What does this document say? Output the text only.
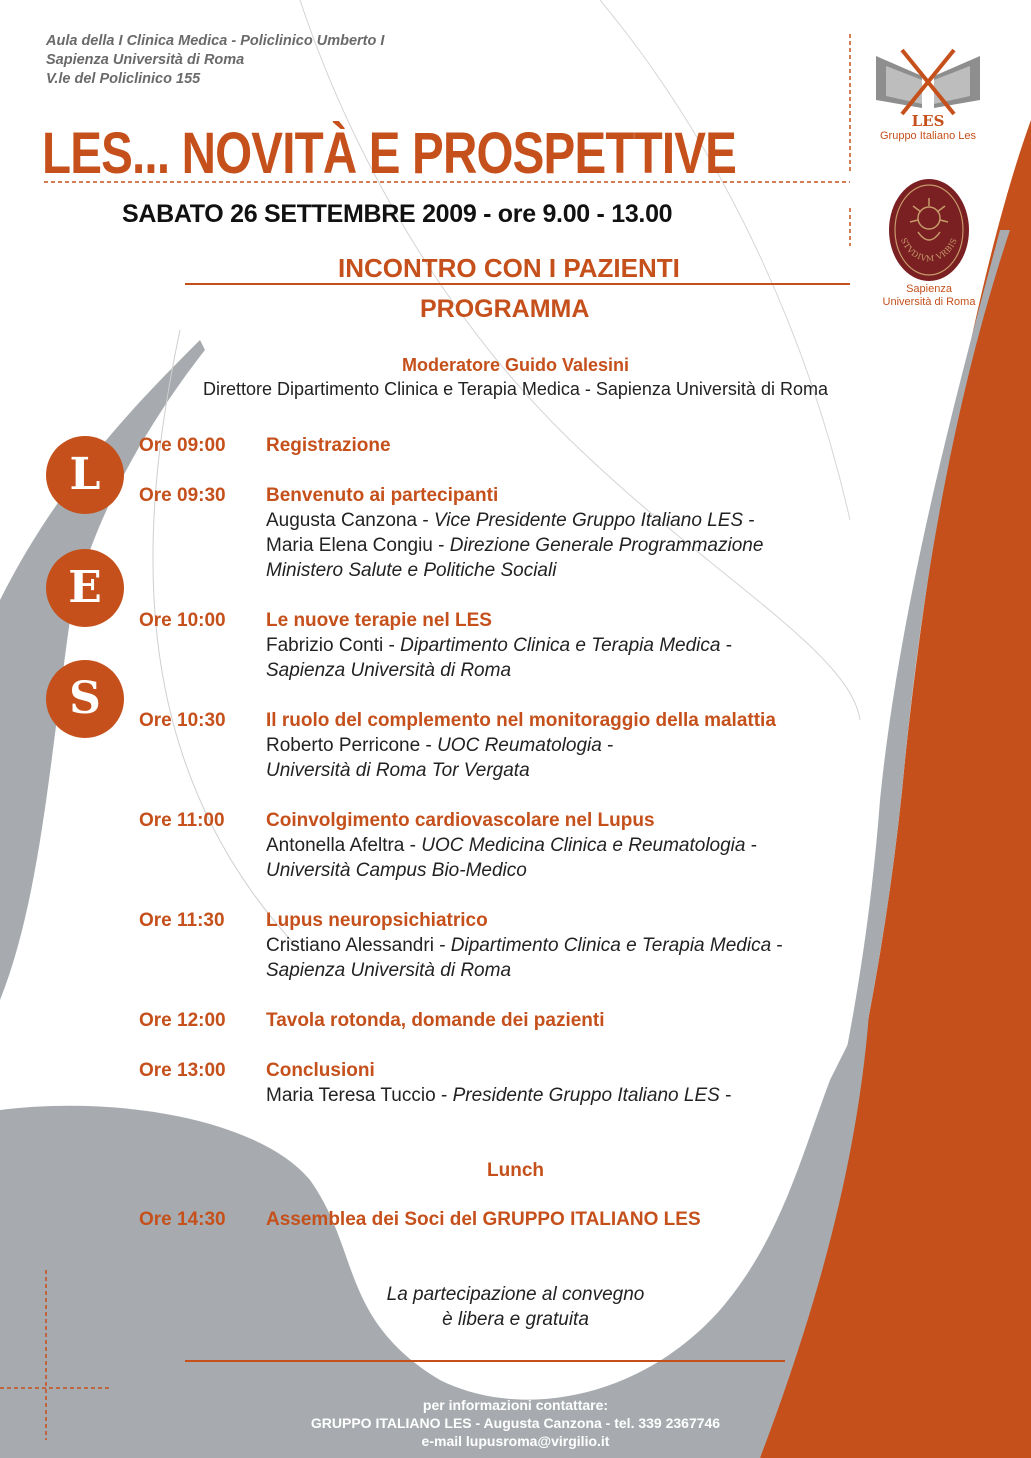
Aula della I Clinica Medica - Policlinico Umberto I
Sapienza Università di Roma
V.le del Policlinico 155
LES... NOVITÀ E PROSPETTIVE
SABATO 26 SETTEMBRE 2009 - ore 9.00 - 13.00
INCONTRO CON I PAZIENTI
PROGRAMMA
Moderatore Guido Valesini
Direttore Dipartimento Clinica e Terapia Medica - Sapienza Università di Roma
L
E
S
Ore 09:00 Registrazione
Ore 09:30 Benvenuto ai partecipanti
Augusta Canzona - Vice Presidente Gruppo Italiano LES -
Maria Elena Congiu - Direzione Generale Programmazione
Ministero Salute e Politiche Sociali
Ore 10:00 Le nuove terapie nel LES
Fabrizio Conti - Dipartimento Clinica e Terapia Medica -
Sapienza Università di Roma
Ore 10:30 Il ruolo del complemento nel monitoraggio della malattia
Roberto Perricone - UOC Reumatologia -
Università di Roma Tor Vergata
Ore 11:00 Coinvolgimento cardiovascolare nel Lupus
Antonella Afeltra - UOC Medicina Clinica e Reumatologia -
Università Campus Bio-Medico
Ore 11:30 Lupus neuropsichiatrico
Cristiano Alessandri - Dipartimento Clinica e Terapia Medica -
Sapienza Università di Roma
Ore 12:00 Tavola rotonda, domande dei pazienti
Ore 13:00 Conclusioni
Maria Teresa Tuccio - Presidente Gruppo Italiano LES -
Lunch
Ore 14:30 Assemblea dei Soci del GRUPPO ITALIANO LES
La partecipazione al convegno
è libera e gratuita
LES
Gruppo Italiano Les
STVDIVM VRBIS
Sapienza
Università di Roma
per informazioni contattare:
GRUPPO ITALIANO LES - Augusta Canzona - tel. 339 2367746
e-mail lupusroma@virgilio.it
